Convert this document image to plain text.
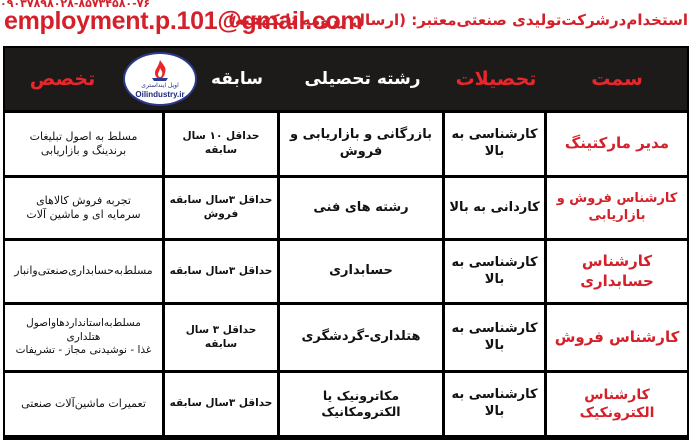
۰۹۰۳۷۸۹۸۰۲۸-۸۵۷۳۴۵۸۰-۷۶
employment.p.101@gmail.com
استخدام‌درشرکت‌تولیدی صنعتی‌معتبر: (ارسال رزومه تایکهفته)
سمت
تحصیلات
رشته تحصیلی
سابقه
تخصص	اویل اینداستری
Oilindustry.ir
مدیر مارکتینگ
کارشناسی به بالا
بازرگانی و بازاریابی و فروش
حداقل ۱۰ سال سابقه
مسلط به اصول تبلیغات
برندینگ و بازاریابی
کارشناس فروش و بازاریابی
کاردانی به بالا
رشته های فنی
حداقل ۳سال سابقه فروش
تجربه فروش کالاهای
سرمایه ای و ماشین آلات
کارشناس حسابداری
کارشناسی به بالا
حسابداری
حداقل ۳سال سابقه
مسلط‌به‌حسابداری‌صنعتی‌وانبار
کارشناس فروش
کارشناسی به بالا
هتلداری-گردشگری
حداقل ۳ سال سابقه
مسلط‌به‌استانداردهاواصول هتلداری
غذا - نوشیدنی مجاز - تشریفات
کارشناس الکترونکیک
کارشناسی به بالا
مکاترونیک یا الکترومکانیک
حداقل ۳سال سابقه
تعمیرات ماشین‌آلات صنعتی
